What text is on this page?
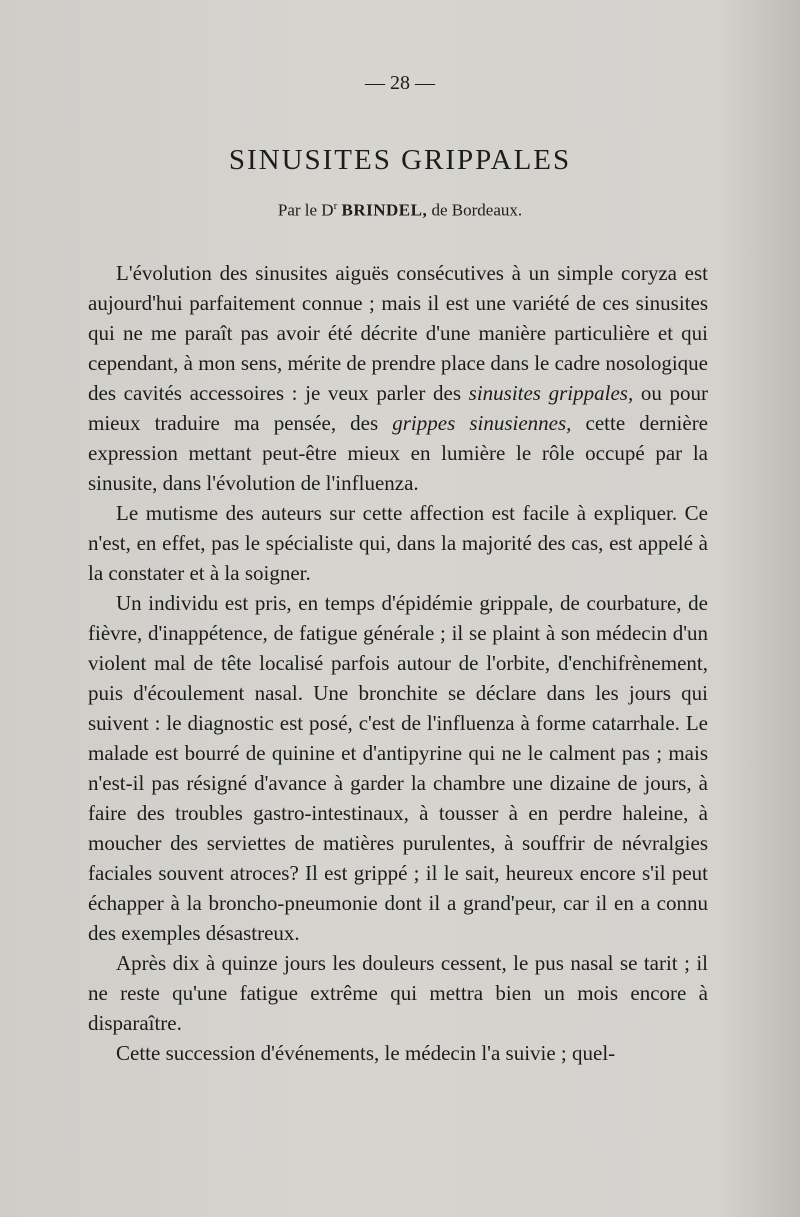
— 28 —
SINUSITES GRIPPALES
Par le $D^r$ BRINDEL, de Bordeaux.

L'évolution des sinusites aiguës consécutives à un simple coryza est aujourd'hui parfaitement connue ; mais il est une variété de ces sinusites qui ne me paraît pas avoir été décrite d'une manière particulière et qui cependant, à mon sens, mérite de prendre place dans le cadre nosologique des cavités accessoires : je veux parler des sinusites grippales, ou pour mieux traduire ma pensée, des grippes sinusiennes, cette dernière expression mettant peut-être mieux en lumière le rôle occupé par la sinusite, dans l'évolution de l'influenza.

Le mutisme des auteurs sur cette affection est facile à expliquer. Ce n'est, en effet, pas le spécialiste qui, dans la majorité des cas, est appelé à la constater et à la soigner.

Un individu est pris, en temps d'épidémie grippale, de courbature, de fièvre, d'inappétence, de fatigue générale ; il se plaint à son médecin d'un violent mal de tête localisé parfois autour de l'orbite, d'enchifrènement, puis d'écoulement nasal. Une bronchite se déclare dans les jours qui suivent : le diagnostic est posé, c'est de l'influenza à forme catarrhale. Le malade est bourré de quinine et d'antipyrine qui ne le calment pas ; mais n'est-il pas résigné d'avance à garder la chambre une dizaine de jours, à faire des troubles gastro-intestinaux, à tousser à en perdre haleine, à moucher des serviettes de matières purulentes, à souffrir de névralgies faciales souvent atroces? Il est grippé ; il le sait, heureux encore s'il peut échapper à la broncho-pneumonie dont il a grand'peur, car il en a connu des exemples désastreux.

Après dix à quinze jours les douleurs cessent, le pus nasal se tarit ; il ne reste qu'une fatigue extrême qui mettra bien un mois encore à disparaître.

Cette succession d'événements, le médecin l'a suivie ; quel-
